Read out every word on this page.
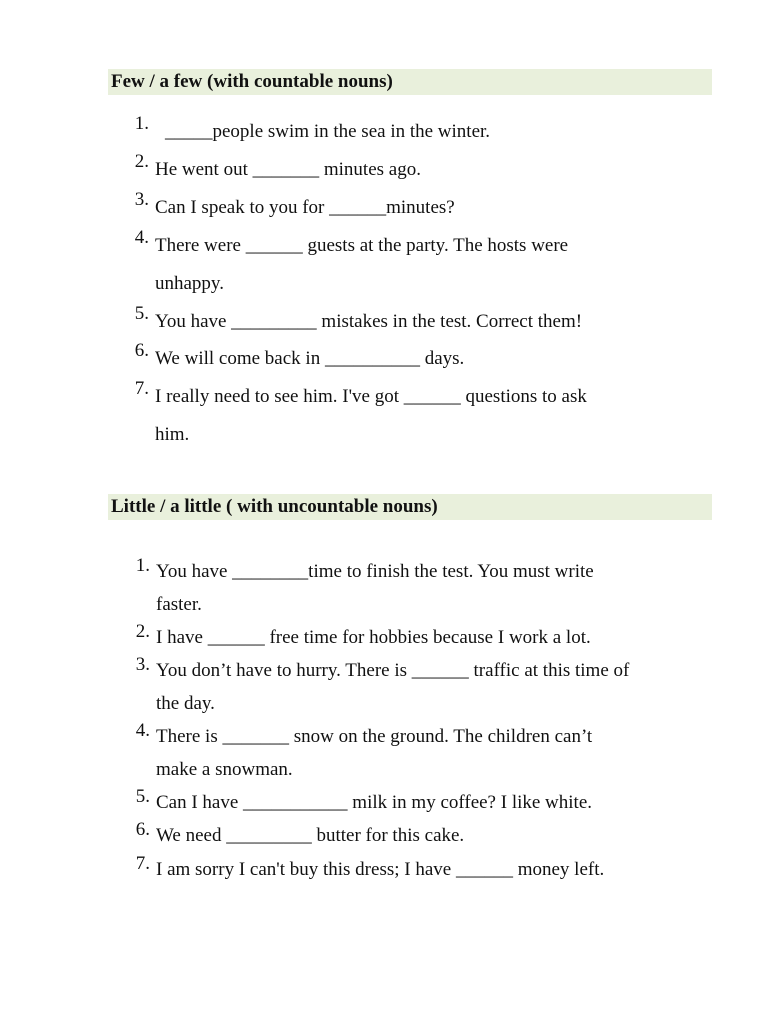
Few / a few (with countable nouns)
1. _____people swim in the sea in the winter.
2. He went out _______ minutes ago.
3. Can I speak to you for ______minutes?
4. There were ______ guests at the party. The hosts were
unhappy.
5. You have _________ mistakes in the test. Correct them!
6. We will come back in __________ days.
7. I really need to see him. I've got ______ questions to ask
him.
Little / a little ( with uncountable nouns)
1. You have ________time to finish the test. You must write
faster.
2. I have ______ free time for hobbies because I work a lot.
3. You don’t have to hurry. There is ______ traffic at this time of
the day.
4. There is _______ snow on the ground. The children can’t
make a snowman.
5. Can I have ___________ milk in my coffee? I like white.
6. We need _________ butter for this cake.
7. I am sorry I can't buy this dress; I have ______ money left.
